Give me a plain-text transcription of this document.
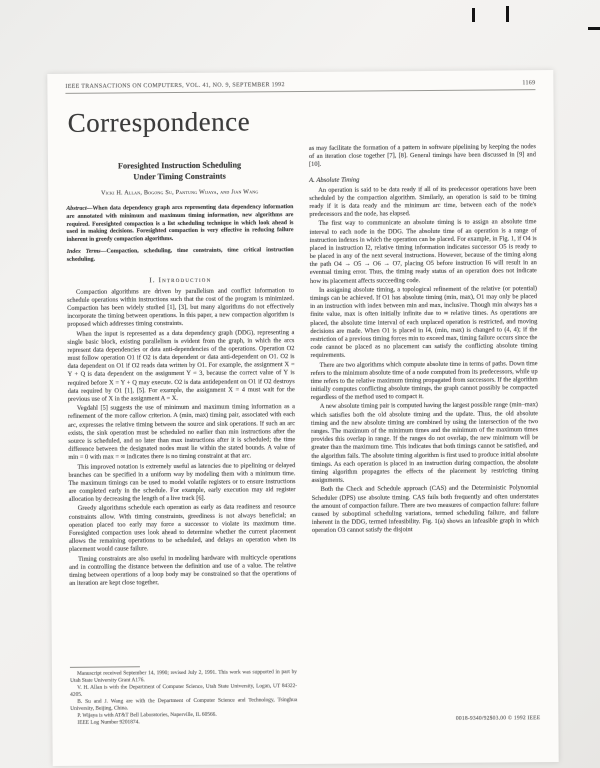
IEEE TRANSACTIONS ON COMPUTERS, VOL. 41, NO. 9, SEPTEMBER 1992	1169
Correspondence
Foresighted Instruction Scheduling
Under Timing Constraints
Vicki H. Allan, Bogong Su, Pantung Wijaya, and Jian Wang

Abstract—When data dependency graph arcs representing data dependency information are annotated with minimum and maximum timing information, new algorithms are required. Foresighted compaction is a list scheduling technique in which look ahead is used in making decisions. Foresighted compaction is very effective in reducing failure inherent in greedy compaction algorithms.

Index Terms—Compaction, scheduling, time constraints, time critical instruction scheduling.

I. Introduction

Compaction algorithms are driven by parallelism and conflict information to schedule operations within instructions such that the cost of the program is minimized. Compaction has been widely studied [1], [3], but many algorithms do not effectively incorporate the timing between operations. In this paper, a new compaction algorithm is proposed which addresses timing constraints.

When the input is represented as a data dependency graph (DDG), representing a single basic block, existing parallelism is evident from the graph, in which the arcs represent data dependencies or data anti-dependencies of the operations. Operation O2 must follow operation O1 if O2 is data dependent or data anti-dependent on O1. O2 is data dependent on O1 if O2 reads data written by O1. For example, the assignment X = Y + Q is data dependent on the assignment Y = 3, because the correct value of Y is required before X = Y + Q may execute. O2 is data antidependent on O1 if O2 destroys data required by O1 [1], [5]. For example, the assignment X = 4 must wait for the previous use of X in the assignment A = X.

Vegdahl [5] suggests the use of minimum and maximum timing information as a refinement of the more callow criterion. A (min, max) timing pair, associated with each arc, expresses the relative timing between the source and sink operations. If such an arc exists, the sink operation must be scheduled no earlier than min instructions after the source is scheduled, and no later than max instructions after it is scheduled; the time difference between the designated nodes must lie within the stated bounds. A value of min = 0 with max = ∞ indicates there is no timing constraint at that arc.

This improved notation is extremely useful as latencies due to pipelining or delayed branches can be specified in a uniform way by modeling them with a minimum time. The maximum timings can be used to model volatile registers or to ensure instructions are completed early in the schedule. For example, early execution may aid register allocation by decreasing the length of a live track [6].

Greedy algorithms schedule each operation as early as data readiness and resource constraints allow. With timing constraints, greediness is not always beneficial; an operation placed too early may force a successor to violate its maximum time. Foresighted compaction uses look ahead to determine whether the current placement allows the remaining operations to be scheduled, and delays an operation when its placement would cause failure.

Timing constraints are also useful in modeling hardware with multicycle operations and in controlling the distance between the definition and use of a value. The relative timing between operations of a loop body may be constrained so that the operations of an iteration are kept close together,

Manuscript received September 14, 1990; revised July 2, 1991. This work was supported in part by Utah State University Grant A176.

V. H. Allan is with the Department of Computer Science, Utah State University, Logan, UT 84322-4205.

B. Su and J. Wang are with the Department of Computer Science and Technology, Tsinghua University, Beijing, China.

P. Wijaya is with AT&T Bell Laboratories, Naperville, IL 60566.

IEEE Log Number 9201874.

as may facilitate the formation of a pattern in software pipelining by keeping the nodes of an iteration close together [7], [8]. General timings have been discussed in [9] and [10].

A. Absolute Timing

An operation is said to be data ready if all of its predecessor operations have been scheduled by the compaction algorithm. Similarly, an operation is said to be timing ready if it is data ready and the minimum arc time, between each of the node's predecessors and the node, has elapsed.

The first way to communicate an absolute timing is to assign an absolute time interval to each node in the DDG. The absolute time of an operation is a range of instruction indexes in which the operation can be placed. For example, in Fig. 1, if O4 is placed in instruction I2, relative timing information indicates successor O5 is ready to be placed in any of the next several instructions. However, because of the timing along the path O4 → O5 → O6 → O7, placing O5 before instruction I6 will result in an eventual timing error. Thus, the timing ready status of an operation does not indicate how its placement affects succeeding code.

In assigning absolute timing, a topological refinement of the relative (or potential) timings can be achieved. If O1 has absolute timing (min, max), O1 may only be placed in an instruction with index between min and max, inclusive. Though min always has a finite value, max is often initially infinite due to ∞ relative times. As operations are placed, the absolute time interval of each unplaced operation is restricted, and moving decisions are made. When O1 is placed in I4, (min, max) is changed to (4, 4); if the restriction of a previous timing forces min to exceed max, timing failure occurs since the code cannot be placed as no placement can satisfy the conflicting absolute timing requirements.

There are two algorithms which compute absolute time in terms of paths. Down time refers to the minimum absolute time of a node computed from its predecessors, while up time refers to the relative maximum timing propagated from successors. If the algorithm initially computes conflicting absolute timings, the graph cannot possibly be compacted regardless of the method used to compact it.

A new absolute timing pair is computed having the largest possible range (min–max) which satisfies both the old absolute timing and the update. Thus, the old absolute timing and the new absolute timing are combined by using the intersection of the two ranges. The maximum of the minimum times and the minimum of the maximum times provides this overlap in range. If the ranges do not overlap, the new minimum will be greater than the maximum time. This indicates that both timings cannot be satisfied, and the algorithm fails. The absolute timing algorithm is first used to produce initial absolute timings. As each operation is placed in an instruction during compaction, the absolute timing algorithm propagates the effects of the placement by restricting timing assignments.

Both the Check and Schedule approach (CAS) and the Deterministic Polynomial Scheduler (DPS) use absolute timing. CAS fails both frequently and often understates the amount of compaction failure. There are two measures of compaction failure: failure caused by suboptimal scheduling variations, termed scheduling failure, and failure inherent in the DDG, termed infeasibility. Fig. 1(a) shows an infeasible graph in which operation O3 cannot satisfy the disjoint

0018-9340/92$03.00 © 1992 IEEE
